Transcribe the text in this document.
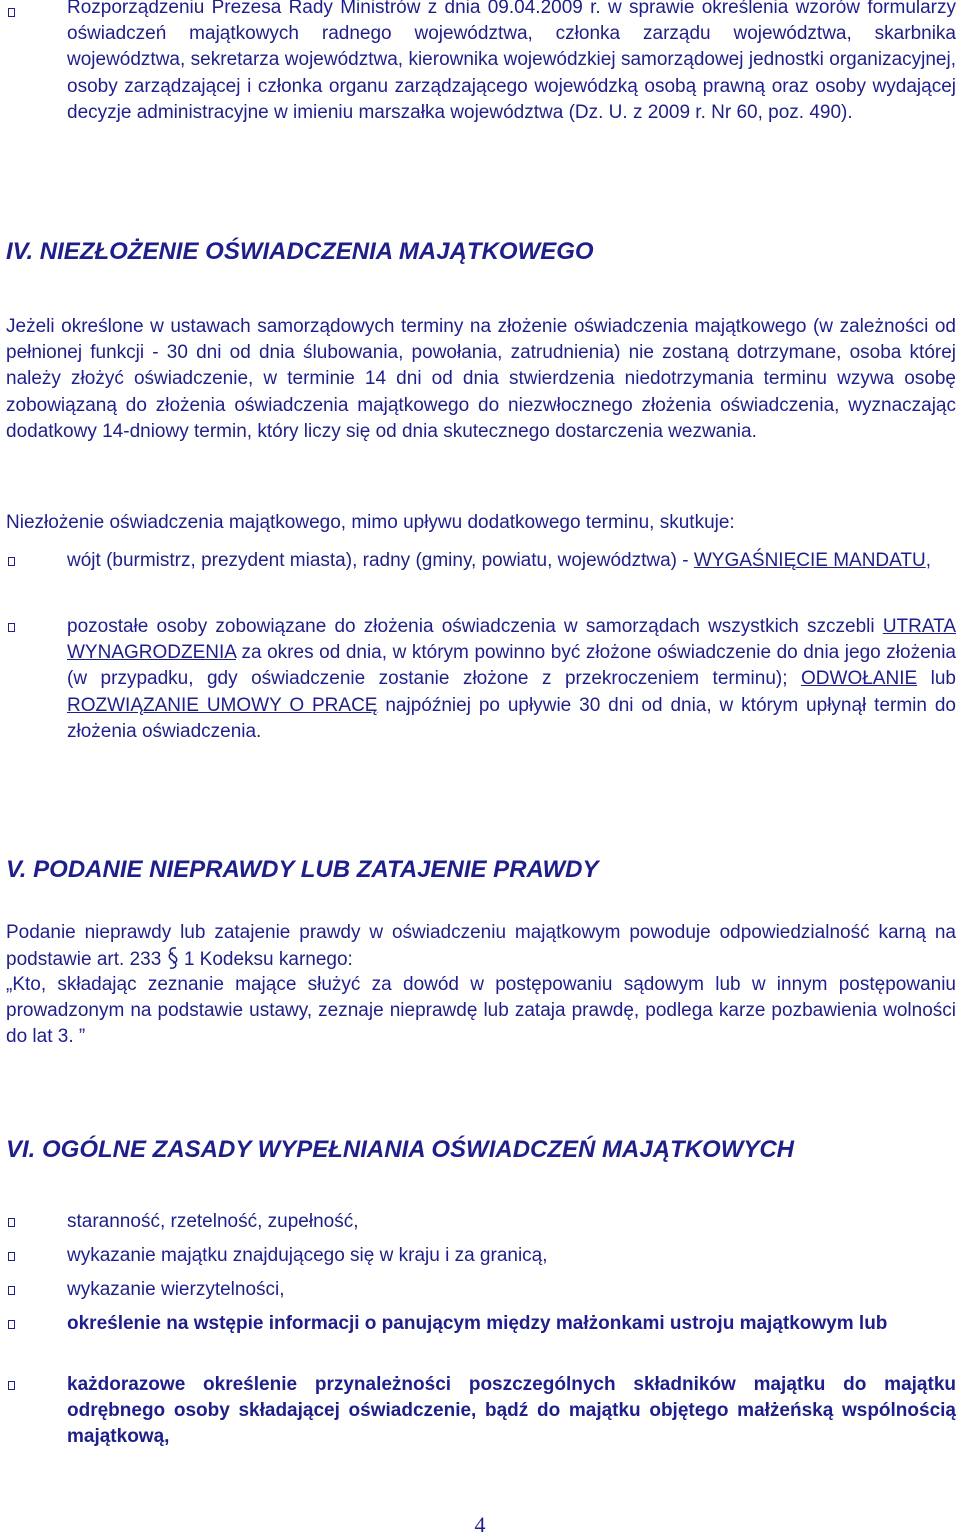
Rozporządzeniu Prezesa Rady Ministrów z dnia 09.04.2009 r. w sprawie określenia wzorów formularzy oświadczeń majątkowych radnego województwa, członka zarządu województwa, skarbnika województwa, sekretarza województwa, kierownika wojewódzkiej samorządowej jednostki organizacyjnej, osoby zarządzającej i członka organu zarządzającego wojewódzką osobą prawną oraz osoby wydającej decyzje administracyjne w imieniu marszałka województwa (Dz. U. z 2009 r. Nr 60, poz. 490).
IV. NIEZŁOŻENIE OŚWIADCZENIA MAJĄTKOWEGO
Jeżeli określone w ustawach samorządowych terminy na złożenie oświadczenia majątkowego (w zależności od pełnionej funkcji - 30 dni od dnia ślubowania, powołania, zatrudnienia) nie zostaną dotrzymane, osoba której należy złożyć oświadczenie, w terminie 14 dni od dnia stwierdzenia niedotrzymania terminu wzywa osobę zobowiązaną do złożenia oświadczenia majątkowego do niezwłocznego złożenia oświadczenia, wyznaczając dodatkowy 14-dniowy termin, który liczy się od dnia skutecznego dostarczenia wezwania.
Niezłożenie oświadczenia majątkowego, mimo upływu dodatkowego terminu, skutkuje:
wójt (burmistrz, prezydent miasta), radny (gminy, powiatu, województwa) - WYGAŚNIĘCIE MANDATU,
pozostałe osoby zobowiązane do złożenia oświadczenia w samorządach wszystkich szczebli UTRATA WYNAGRODZENIA za okres od dnia, w którym powinno być złożone oświadczenie do dnia jego złożenia (w przypadku, gdy oświadczenie zostanie złożone z przekroczeniem terminu); ODWOŁANIE lub ROZWIĄZANIE UMOWY O PRACĘ najpóźniej po upływie 30 dni od dnia, w którym upłynął termin do złożenia oświadczenia.
V. PODANIE NIEPRAWDY LUB ZATAJENIE PRAWDY
Podanie nieprawdy lub zatajenie prawdy w oświadczeniu majątkowym powoduje odpowiedzialność karną na podstawie art. 233  1 Kodeksu karnego:
„Kto, składając zeznanie mające służyć za dowód w postępowaniu sądowym lub w innym postępowaniu prowadzonym na podstawie ustawy, zeznaje nieprawdę lub zataja prawdę, podlega karze pozbawienia wolności do lat 3. ”
VI. OGÓLNE ZASADY WYPEŁNIANIA OŚWIADCZEŃ MAJĄTKOWYCH
staranność, rzetelność, zupełność,
wykazanie majątku znajdującego się w kraju i za granicą,
wykazanie wierzytelności,
określenie na wstępie informacji o panującym między małżonkami ustroju majątkowym lub
każdorazowe określenie przynależności poszczególnych składników majątku do majątku odrębnego osoby składającej oświadczenie, bądź do majątku objętego małżeńską wspólnością majątkową,
4
